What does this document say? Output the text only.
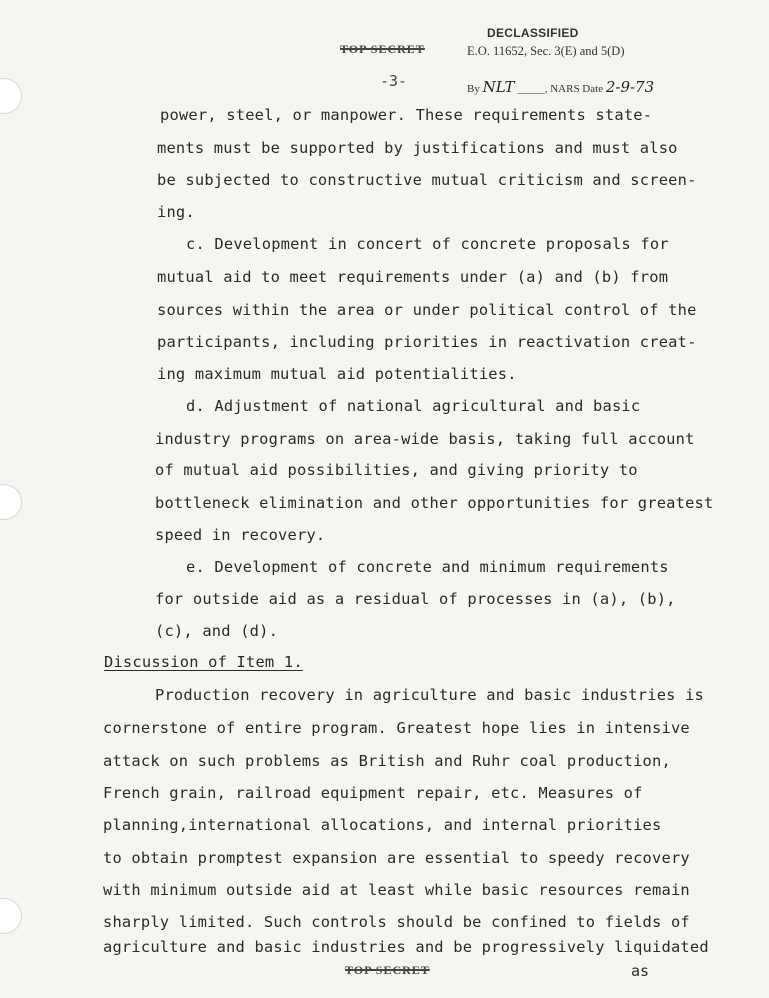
TOP SECRET
DECLASSIFIED
E.O. 11652, Sec. 3(E) and 5(D)
By NLT _____, NARS Date 2-9-73
-3-
power, steel, or manpower. These requirements state-
ments must be supported by justifications and must also
be subjected to constructive mutual criticism and screen-
ing.
c. Development in concert of concrete proposals for
mutual aid to meet requirements under (a) and (b) from
sources within the area or under political control of the
participants, including priorities in reactivation creat-
ing maximum mutual aid potentialities.
d. Adjustment of national agricultural and basic
industry programs on area-wide basis, taking full account
of mutual aid possibilities, and giving priority to
bottleneck elimination and other opportunities for greatest
speed in recovery.
e. Development of concrete and minimum requirements
for outside aid as a residual of processes in (a), (b),
(c), and (d).
Discussion of Item 1.
Production recovery in agriculture and basic industries is
cornerstone of entire program. Greatest hope lies in intensive
attack on such problems as British and Ruhr coal production,
French grain, railroad equipment repair, etc. Measures of
planning,international allocations, and internal priorities
to obtain promptest expansion are essential to speedy recovery
with minimum outside aid at least while basic resources remain
sharply limited. Such controls should be confined to fields of
agriculture and basic industries and be progressively liquidated
TOP SECRET	as
